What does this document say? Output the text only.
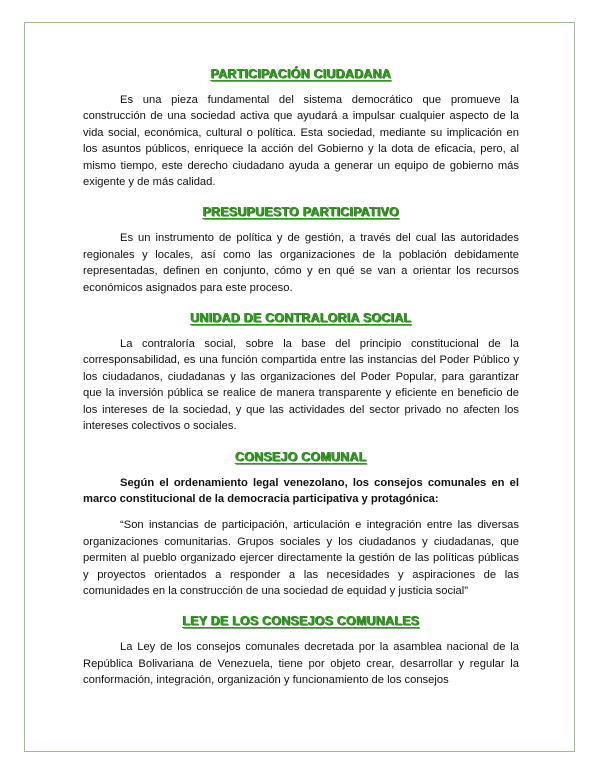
PARTICIPACIÓN CIUDADANA

Es una pieza fundamental del sistema democrático que promueve la construcción de una sociedad activa que ayudará a impulsar cualquier aspecto de la vida social, económica, cultural o política. Esta sociedad, mediante su implicación en los asuntos públicos, enriquece la acción del Gobierno y la dota de eficacia, pero, al mismo tiempo, este derecho ciudadano ayuda a generar un equipo de gobierno más exigente y de más calidad.

PRESUPUESTO PARTICIPATIVO

Es un instrumento de política y de gestión, a través del cual las autoridades regionales y locales, así como las organizaciones de la población debidamente representadas, definen en conjunto, cómo y en qué se van a orientar los recursos económicos asignados para este proceso.

UNIDAD DE CONTRALORIA SOCIAL

La contraloría social, sobre la base del principio constitucional de la corresponsabilidad, es una función compartida entre las instancias del Poder Público y los ciudadanos, ciudadanas y las organizaciones del Poder Popular, para garantizar que la inversión pública se realice de manera transparente y eficiente en beneficio de los intereses de la sociedad, y que las actividades del sector privado no afecten los intereses colectivos o sociales.

CONSEJO COMUNAL

Según el ordenamiento legal venezolano, los consejos comunales en el marco constitucional de la democracia participativa y protagónica:

“Son instancias de participación, articulación e integración entre las diversas organizaciones comunitarias. Grupos sociales y los ciudadanos y ciudadanas, que permiten al pueblo organizado ejercer directamente la gestión de las políticas públicas y proyectos orientados a responder a las necesidades y aspiraciones de las comunidades en la construcción de una sociedad de equidad y justicia social”

LEY DE LOS CONSEJOS COMUNALES

La Ley de los consejos comunales decretada por la asamblea nacional de la República Bolivariana de Venezuela, tiene por objeto crear, desarrollar y regular la conformación, integración, organización y funcionamiento de los consejos
